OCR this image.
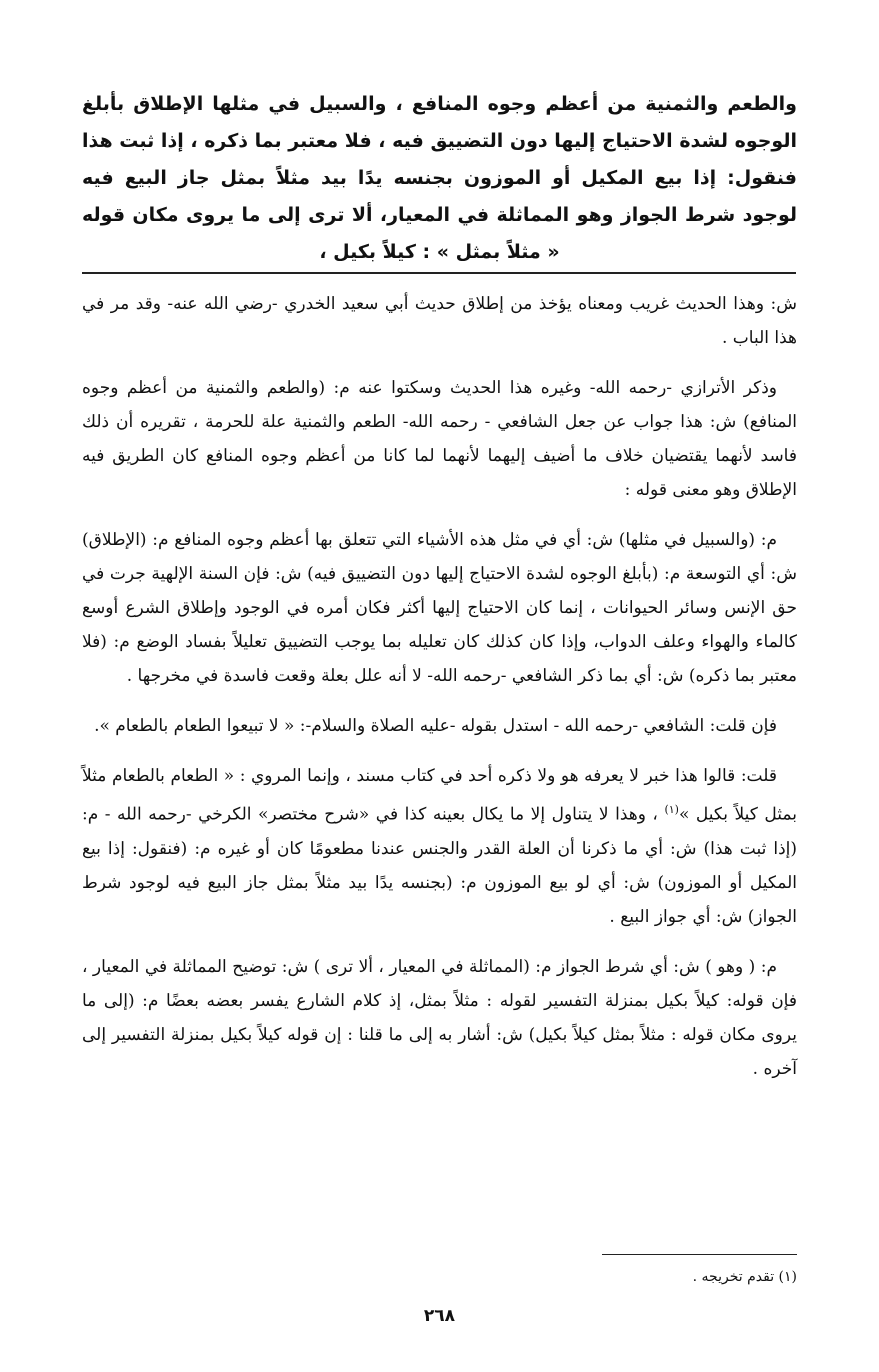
والطعم والثمنية من أعظم وجوه المنافع ، والسبيل في مثلها الإطلاق بأبلغ الوجوه لشدة الاحتياج إليها دون التضييق فيه ، فلا معتبر بما ذكره ، إذا ثبت هذا فنقول: إذا بيع المكيل أو الموزون بجنسه يدًا بيد مثلاً بمثل جاز البيع فيه لوجود شرط الجواز وهو المماثلة في المعيار، ألا ترى إلى ما يروى مكان قوله « مثلاً بمثل » : كيلاً بكيل ،

ش: وهذا الحديث غريب ومعناه يؤخذ من إطلاق حديث أبي سعيد الخدري -رضي الله عنه- وقد مر في هذا الباب .

وذكر الأترازي -رحمه الله- وغيره هذا الحديث وسكتوا عنه م: (والطعم والثمنية من أعظم وجوه المنافع) ش: هذا جواب عن جعل الشافعي - رحمه الله- الطعم والثمنية علة للحرمة ، تقريره أن ذلك فاسد لأنهما يقتضيان خلاف ما أضيف إليهما لأنهما لما كانا من أعظم وجوه المنافع كان الطريق فيه الإطلاق وهو معنى قوله :

م: (والسبيل في مثلها) ش: أي في مثل هذه الأشياء التي تتعلق بها أعظم وجوه المنافع م: (الإطلاق) ش: أي التوسعة م: (بأبلغ الوجوه لشدة الاحتياج إليها دون التضييق فيه) ش: فإن السنة الإلهية جرت في حق الإنس وسائر الحيوانات ، إنما كان الاحتياج إليها أكثر فكان أمره في الوجود وإطلاق الشرع أوسع كالماء والهواء وعلف الدواب، وإذا كان كذلك كان تعليله بما يوجب التضييق تعليلاً بفساد الوضع م: (فلا معتبر بما ذكره) ش: أي بما ذكر الشافعي -رحمه الله- لا أنه علل بعلة وقعت فاسدة في مخرجها .

فإن قلت: الشافعي -رحمه الله - استدل بقوله -عليه الصلاة والسلام-: « لا تبيعوا الطعام بالطعام ».

قلت: قالوا هذا خبر لا يعرفه هو ولا ذكره أحد في كتاب مسند ، وإنما المروي : « الطعام بالطعام مثلاً بمثل كيلاً بكيل »$^{(١)}$ ، وهذا لا يتناول إلا ما يكال بعينه كذا في «شرح مختصر» الكرخي -رحمه الله - م: (إذا ثبت هذا) ش: أي ما ذكرنا أن العلة القدر والجنس عندنا مطعومًا كان أو غيره م: (فنقول: إذا بيع المكيل أو الموزون) ش: أي لو بيع الموزون م: (بجنسه يدًا بيد مثلاً بمثل جاز البيع فيه لوجود شرط الجواز) ش: أي جواز البيع .

م: ( وهو ) ش: أي شرط الجواز م: (المماثلة في المعيار ، ألا ترى ) ش: توضيح المماثلة في المعيار ، فإن قوله: كيلاً بكيل بمنزلة التفسير لقوله : مثلاً بمثل، إذ كلام الشارع يفسر بعضه بعضًا م: (إلى ما يروى مكان قوله : مثلاً بمثل كيلاً بكيل) ش: أشار به إلى ما قلنا : إن قوله كيلاً بكيل بمنزلة التفسير إلى آخره .

(١) تقدم تخريجه .
٢٦٨
